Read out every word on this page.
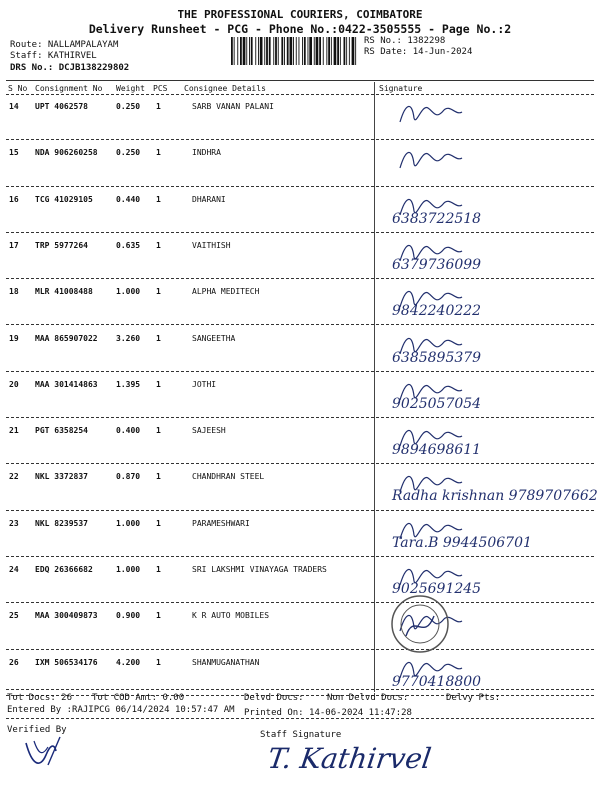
THE PROFESSIONAL COURIERS, COIMBATORE
Delivery Runsheet - PCG - Phone No.:0422-3505555 - Page No.:2
Route: NALLAMPALAYAM
Staff: KATHIRVEL
DRS No.: DCJB138229802
RS No.: 1382298
RS Date: 14-Jun-2024
S No Consignment No Weight PCS Consignee Details	Signature
14 UPT 4062578	0.250 1	SARB VANAN PALANI
15 NDA 906260258 0.250 1	INDHRA
16 TCG 41029105	0.440 1	DHARANI
6383722518
17 TRP 5977264	0.635 1	VAITHISH
6379736099
18 MLR 41008488	1.000 1	ALPHA MEDITECH
9842240222
19 MAA 865907022 3.260 1	SANGEETHA
6385895379
20 MAA 301414863 1.395 1	JOTHI
9025057054
21 PGT 6358254	0.400 1	SAJEESH
9894698611
22 NKL 3372837	0.870 1	CHANDHRAN STEEL
Radha krishnan 9789707662
23 NKL 8239537	1.000 1	PARAMESHWARI
Tara.B 9944506701
24 EDQ 26366682	1.000 1	SRI LAKSHMI VINAYAGA TRADERS
9025691245
25 MAA 300409873 0.900 1	K R AUTO MOBILES
26 IXM 506534176 4.200 1	SHANMUGANATHAN
9770418800
Tot Docs: 26 Tot COD Amt: 0.00	Delvd Docs:	Non Delvd Docs:	Delvy Pts:
Entered By :RAJIPCG 06/14/2024 10:57:47 AM Printed On: 14-06-2024 11:47:28
Verified By	Staff Signature
T. Kathirvel
